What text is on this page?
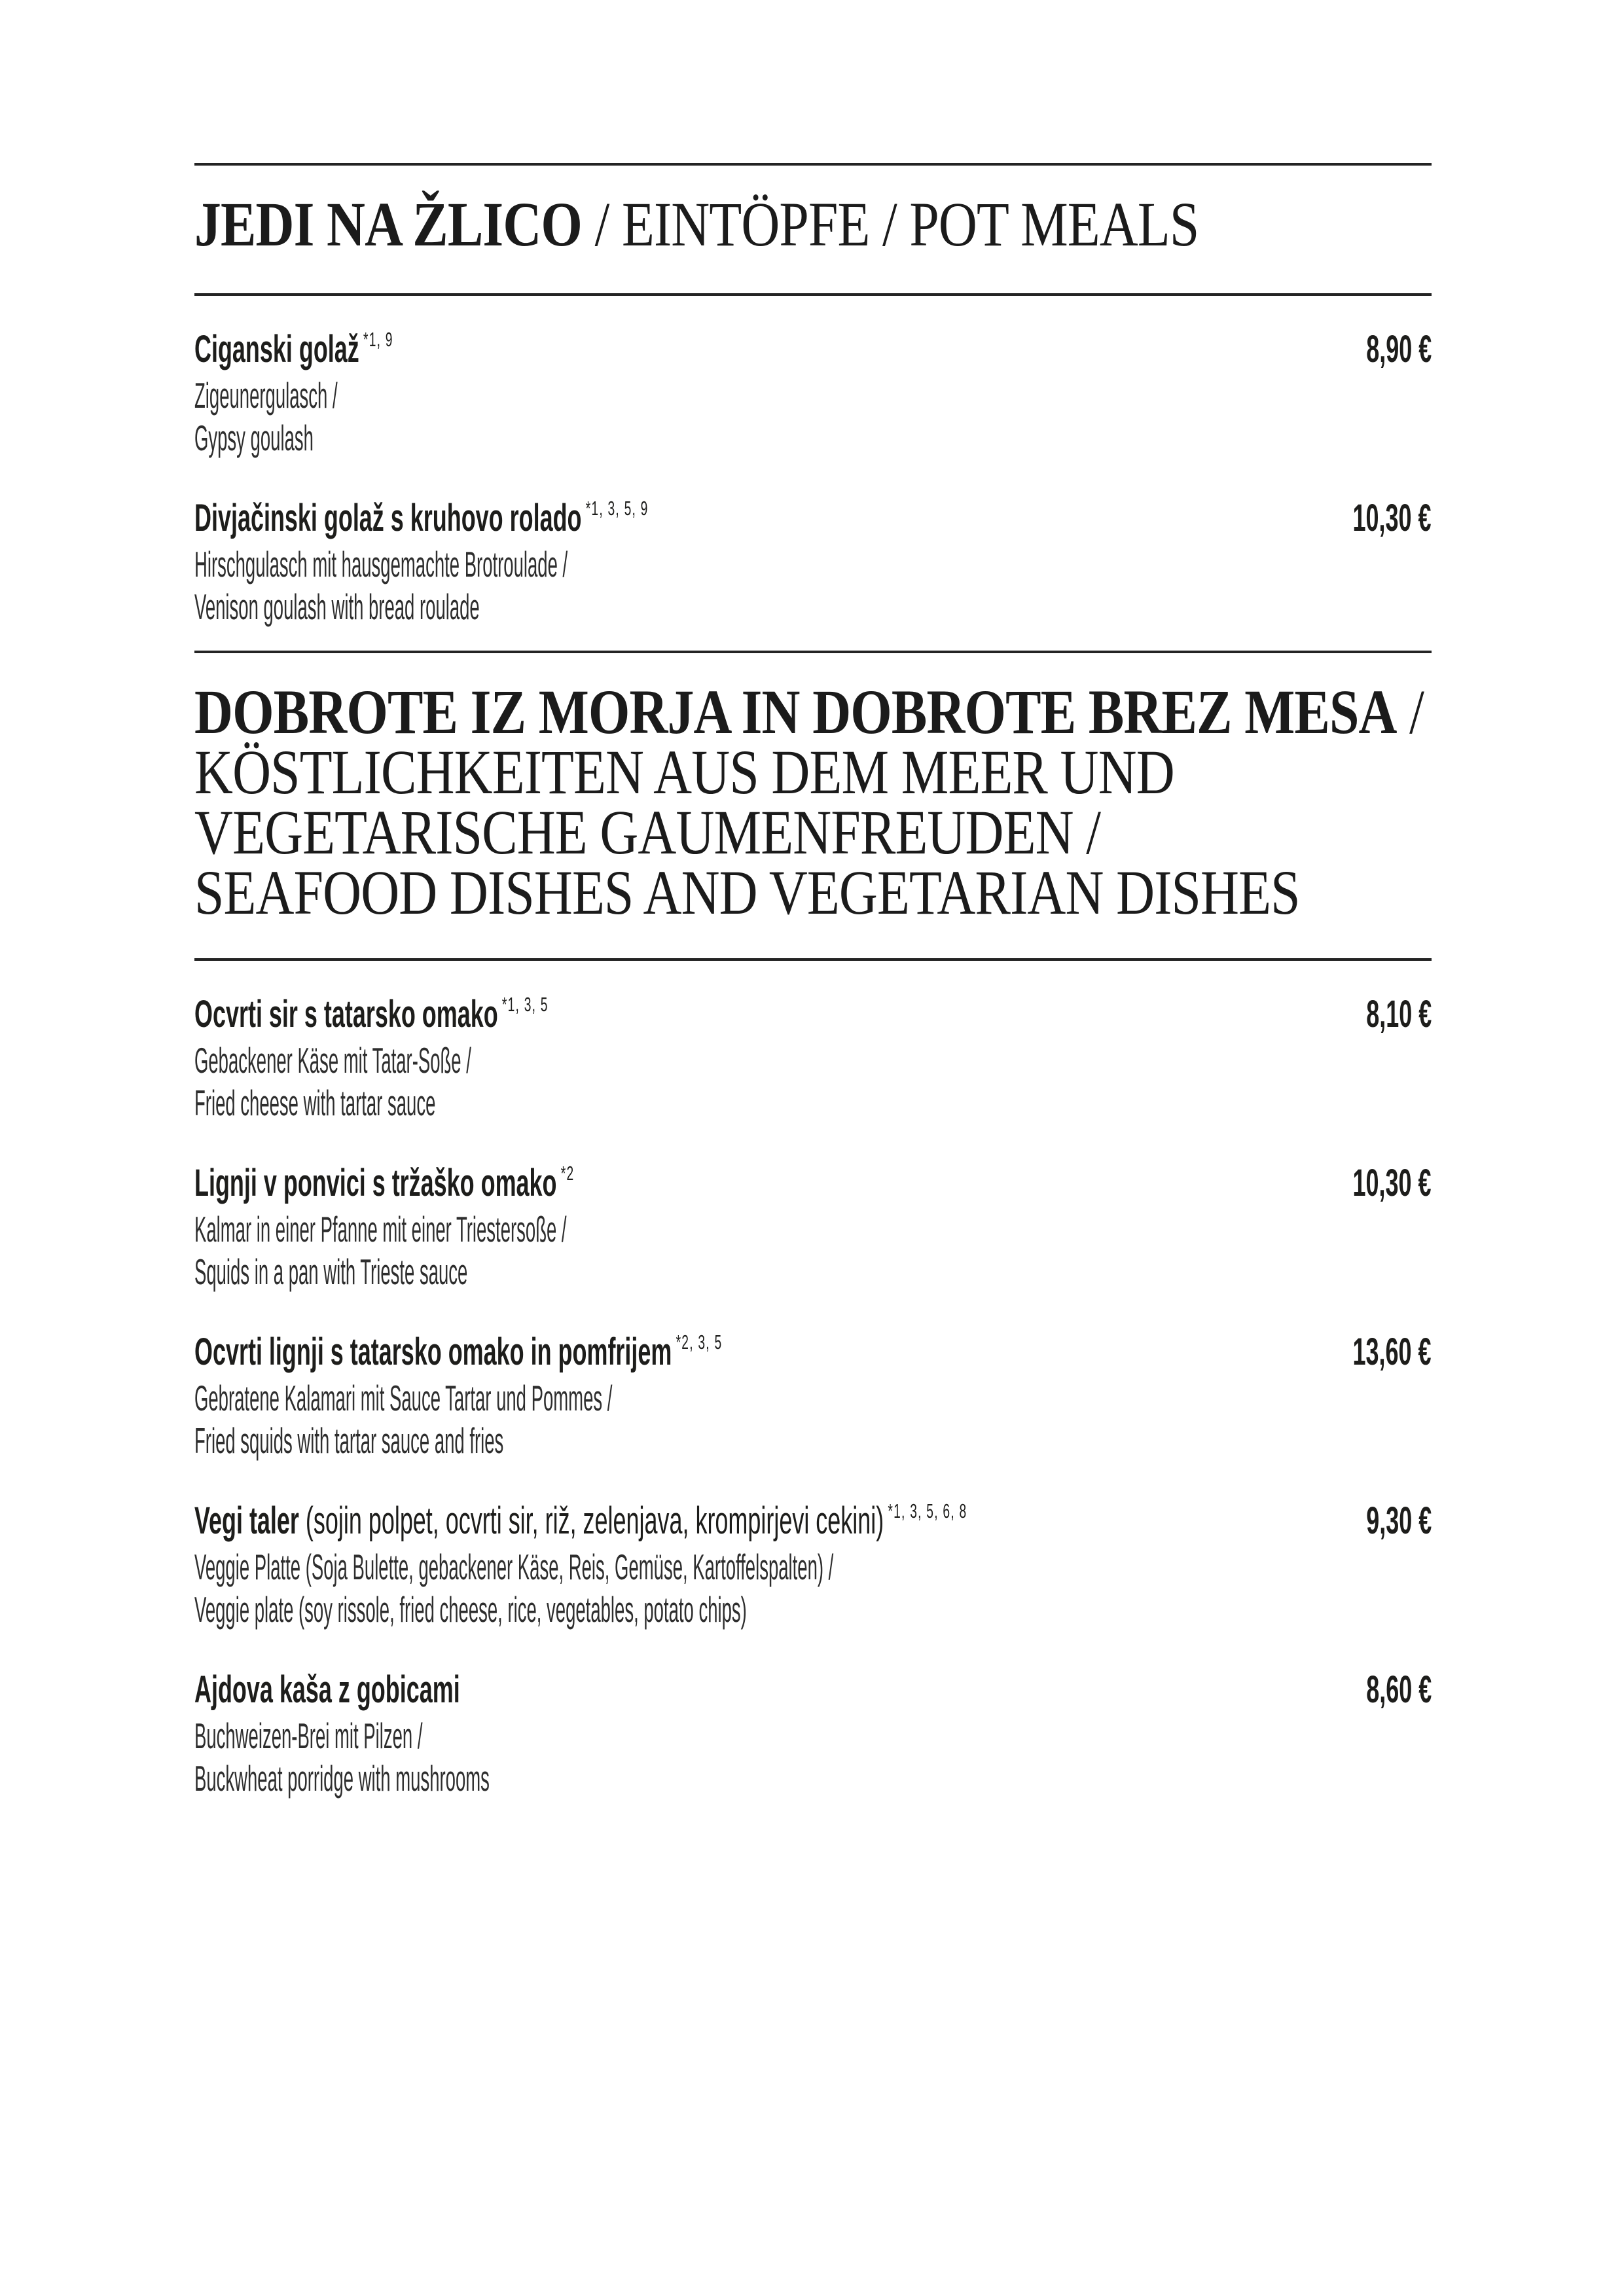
JEDI NA ŽLICO / EINTÖPFE / POT MEALS
Ciganski golaž $^{*1, 9}$	8,90 €
Zigeunergulasch /
Gypsy goulash
Divjačinski golaž s kruhovo rolado $^{*1, 3, 5, 9}$	10,30 €
Hirschgulasch mit hausgemachte Brotroulade /
Venison goulash with bread roulade
DOBROTE IZ MORJA IN DOBROTE BREZ MESA /
KÖSTLICHKEITEN AUS DEM MEER UND
VEGETARISCHE GAUMENFREUDEN /
SEAFOOD DISHES AND VEGETARIAN DISHES
Ocvrti sir s tatarsko omako $^{*1, 3, 5}$	8,10 €
Gebackener Käse mit Tatar-Soße /
Fried cheese with tartar sauce
Lignji v ponvici s tržaško omako $^{*2}$	10,30 €
Kalmar in einer Pfanne mit einer Triestersoße /
Squids in a pan with Trieste sauce
Ocvrti lignji s tatarsko omako in pomfrijem $^{*2, 3, 5}$	13,60 €
Gebratene Kalamari mit Sauce Tartar und Pommes /
Fried squids with tartar sauce and fries
Vegi taler (sojin polpet, ocvrti sir, riž, zelenjava, krompirjevi cekini) $^{*1, 3, 5, 6, 8}$	9,30 €
Veggie Platte (Soja Bulette, gebackener Käse, Reis, Gemüse, Kartoffelspalten) /
Veggie plate (soy rissole, fried cheese, rice, vegetables, potato chips)
Ajdova kaša z gobicami	8,60 €
Buchweizen-Brei mit Pilzen /
Buckwheat porridge with mushrooms
